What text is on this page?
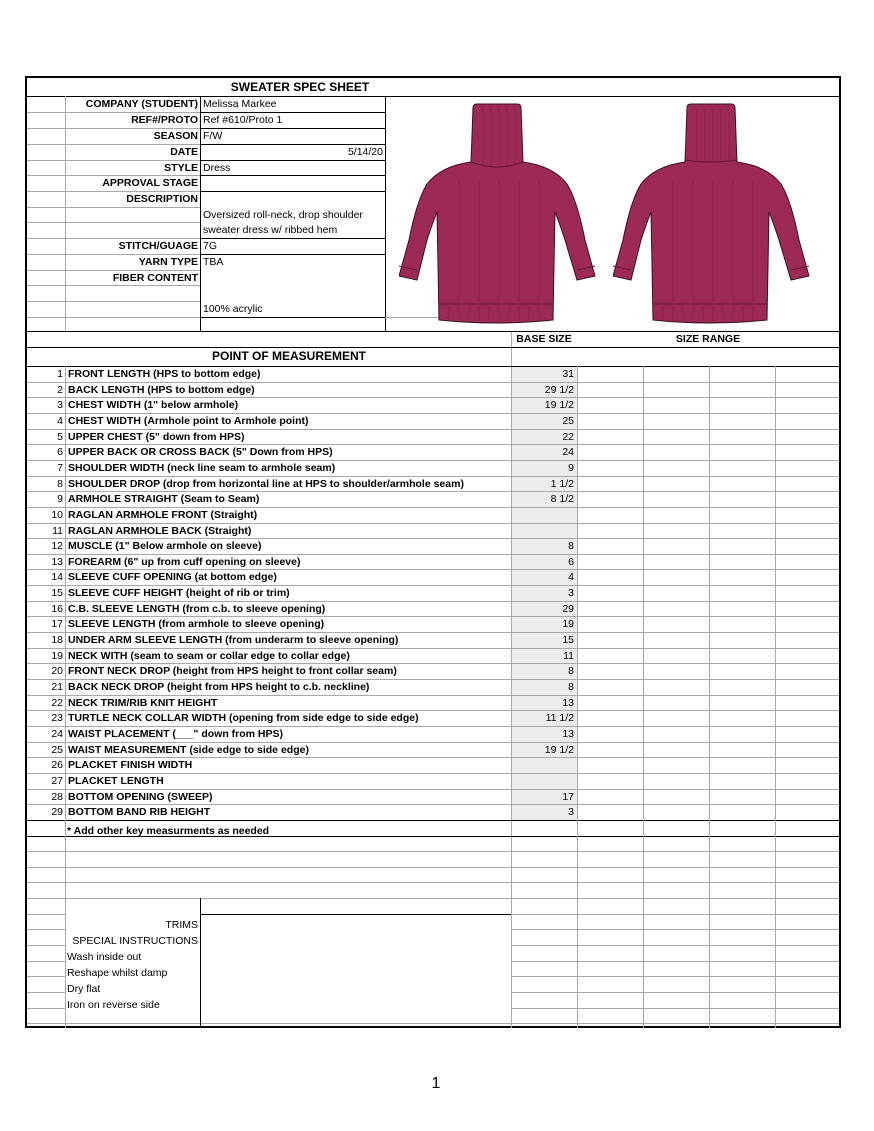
SWEATER SPEC SHEET
COMPANY (STUDENT) Melissa Markee
REF#/PROTO Ref #610/Proto 1
SEASON F/W
DATE	5/14/20
STYLE Dress
APPROVAL STAGE
DESCRIPTION
Oversized roll-neck, drop shoulder
sweater dress w/ ribbed hem
STITCH/GUAGE 7G
YARN TYPE TBA
FIBER CONTENT
100% acrylic
BASE SIZE	SIZE RANGE
POINT OF MEASUREMENT
1 FRONT LENGTH (HPS to bottom edge)	31
2 BACK LENGTH (HPS to bottom edge)	29 1/2
3 CHEST WIDTH (1" below armhole)	19 1/2
4 CHEST WIDTH (Armhole point to Armhole point)	25
5 UPPER CHEST (5" down from HPS)	22
6 UPPER BACK OR CROSS BACK (5" Down from HPS)	24
7 SHOULDER WIDTH (neck line seam to armhole seam)	9
8 SHOULDER DROP (drop from horizontal line at HPS to shoulder/armhole seam)	1 1/2
9 ARMHOLE STRAIGHT (Seam to Seam)	8 1/2
10 RAGLAN ARMHOLE FRONT (Straight)
11 RAGLAN ARMHOLE BACK (Straight)
12 MUSCLE (1" Below armhole on sleeve)	8
13 FOREARM (6" up from cuff opening on sleeve)	6
14 SLEEVE CUFF OPENING (at bottom edge)	4
15 SLEEVE CUFF HEIGHT (height of rib or trim)	3
16 C.B. SLEEVE LENGTH (from c.b. to sleeve opening)	29
17 SLEEVE LENGTH (from armhole to sleeve opening)	19
18 UNDER ARM SLEEVE LENGTH (from underarm to sleeve opening)	15
19 NECK WITH (seam to seam or collar edge to collar edge)	11
20 FRONT NECK DROP (height from HPS height to front collar seam)	8
21 BACK NECK DROP (height from HPS height to c.b. neckline)	8
22 NECK TRIM/RIB KNIT HEIGHT	13
23 TURTLE NECK COLLAR WIDTH (opening from side edge to side edge)	11 1/2
24 WAIST PLACEMENT (___" down from HPS)	13
25 WAIST MEASUREMENT (side edge to side edge)	19 1/2
26 PLACKET FINISH WIDTH
27 PLACKET LENGTH
28 BOTTOM OPENING (SWEEP)	17
29 BOTTOM BAND RIB HEIGHT	3
* Add other key measurments as needed
TRIMS
SPECIAL INSTRUCTIONS
Wash inside out
Reshape whilst damp
Dry flat
Iron on reverse side
1
